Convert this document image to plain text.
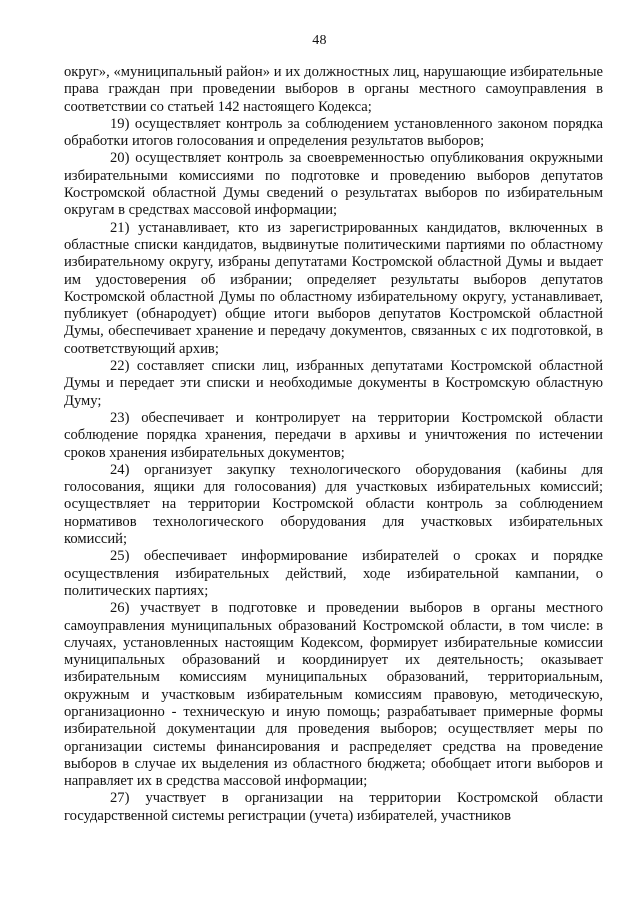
48

округ», «муниципальный район» и их должностных лиц, нарушающие избирательные права граждан при проведении выборов в органы местного самоуправления в соответствии со статьей 142 настоящего Кодекса;

19) осуществляет контроль за соблюдением установленного законом порядка обработки итогов голосования и определения результатов выборов;

20) осуществляет контроль за своевременностью опубликования окружными избирательными комиссиями по подготовке и проведению выборов депутатов Костромской областной Думы сведений о результатах выборов по избирательным округам в средствах массовой информации;

21) устанавливает, кто из зарегистрированных кандидатов, включенных в областные списки кандидатов, выдвинутые политическими партиями по областному избирательному округу, избраны депутатами Костромской областной Думы и выдает им удостоверения об избрании; определяет результаты выборов депутатов Костромской областной Думы по областному избирательному округу, устанавливает, публикует (обнародует) общие итоги выборов депутатов Костромской областной Думы, обеспечивает хранение и передачу документов, связанных с их подготовкой, в соответствующий архив;

22) составляет списки лиц, избранных депутатами Костромской областной Думы и передает эти списки и необходимые документы в Костромскую областную Думу;

23) обеспечивает и контролирует на территории Костромской области соблюдение порядка хранения, передачи в архивы и уничтожения по истечении сроков хранения избирательных документов;

24) организует закупку технологического оборудования (кабины для голосования, ящики для голосования) для участковых избирательных комиссий; осуществляет на территории Костромской области контроль за соблюдением нормативов технологического оборудования для участковых избирательных комиссий;

25) обеспечивает информирование избирателей о сроках и порядке осуществления избирательных действий, ходе избирательной кампании, о политических партиях;

26) участвует в подготовке и проведении выборов в органы местного самоуправления муниципальных образований Костромской области, в том числе: в случаях, установленных настоящим Кодексом, формирует избирательные комиссии муниципальных образований и координирует их деятельность; оказывает избирательным комиссиям муниципальных образований, территориальным, окружным и участковым избирательным комиссиям правовую, методическую, организационно - техническую и иную помощь; разрабатывает примерные формы избирательной документации для проведения выборов; осуществляет меры по организации системы финансирования и распределяет средства на проведение выборов в случае их выделения из областного бюджета; обобщает итоги выборов и направляет их в средства массовой информации;

27) участвует в организации на территории Костромской области государственной системы регистрации (учета) избирателей, участников
